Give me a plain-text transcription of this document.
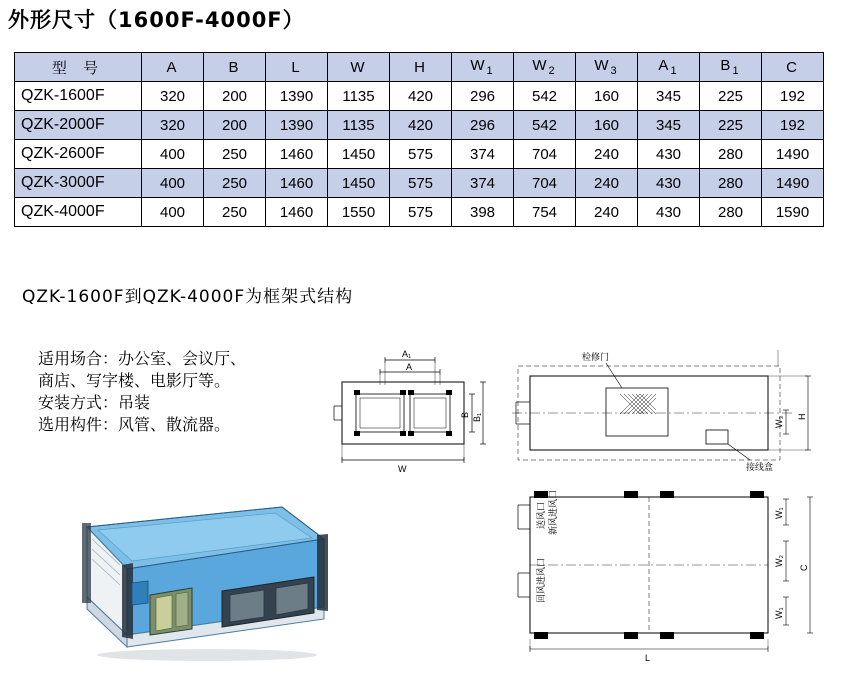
外形尺寸（1600F-4000F）
型 号	A	B	L	W	H	$W_1$	$W_2$	$W_3$	$A_1$	$B_1$	C
QZK-1600F	320	200	1390	1135	420	296	542	160	345	225	192
QZK-2000F	320	200	1390	1135	420	296	542	160	345	225	192
QZK-2600F	400	250	1460	1450	575	374	704	240	430	280	1490
QZK-3000F	400	250	1460	1450	575	374	704	240	430	280	1490
QZK-4000F	400	250	1460	1550	575	398	754	240	430	280	1590
QZK-1600F到QZK-4000F为框架式结构
适用场合：办公室、会议厅、
商店、写字楼、电影厅等。
安装方式：吊装
选用构件：风管、散流器。
A₁
A
B B₁
W
检修门
接线盒
W₃ H
送风口 新风进风口
回风进风口
W₁
W₂
W₁
C
L
